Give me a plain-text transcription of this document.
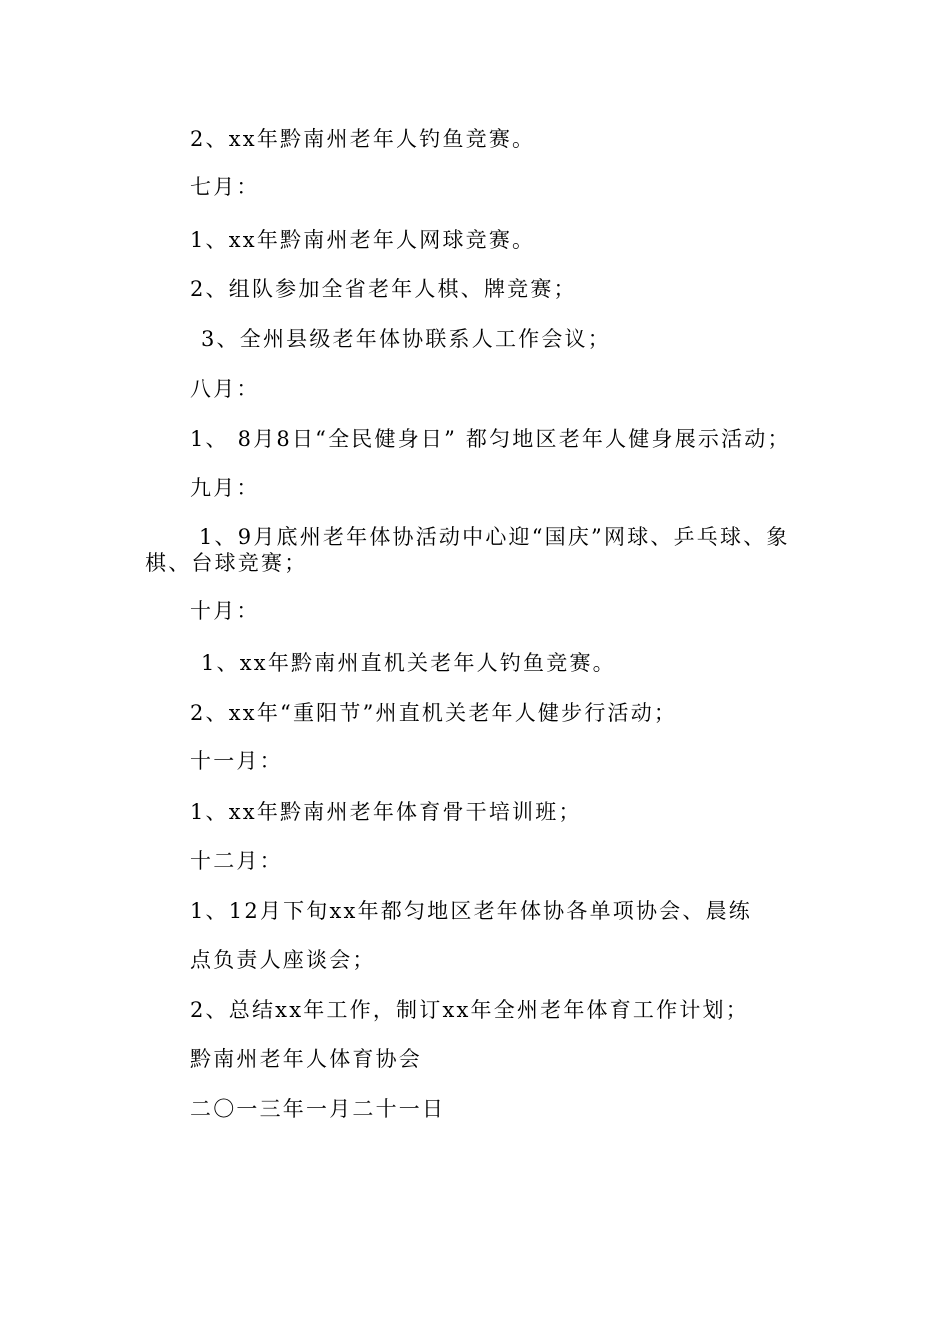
2、xx年黔南州老年人钓鱼竞赛。
七月：
1、xx年黔南州老年人网球竞赛。
2、组队参加全省老年人棋、牌竞赛；
3、全州县级老年体协联系人工作会议；
八月：
1、 8月8日“全民健身日” 都匀地区老年人健身展示活动；
九月：
1、9月底州老年体协活动中心迎“国庆”网球、乒乓球、象棋、台球竞赛；
十月：
1、xx年黔南州直机关老年人钓鱼竞赛。
2、xx年“重阳节”州直机关老年人健步行活动；
十一月：
1、xx年黔南州老年体育骨干培训班；
十二月：
1、12月下旬xx年都匀地区老年体协各单项协会、晨练
点负责人座谈会；
2、总结xx年工作，制订xx年全州老年体育工作计划；
黔南州老年人体育协会
二〇一三年一月二十一日
